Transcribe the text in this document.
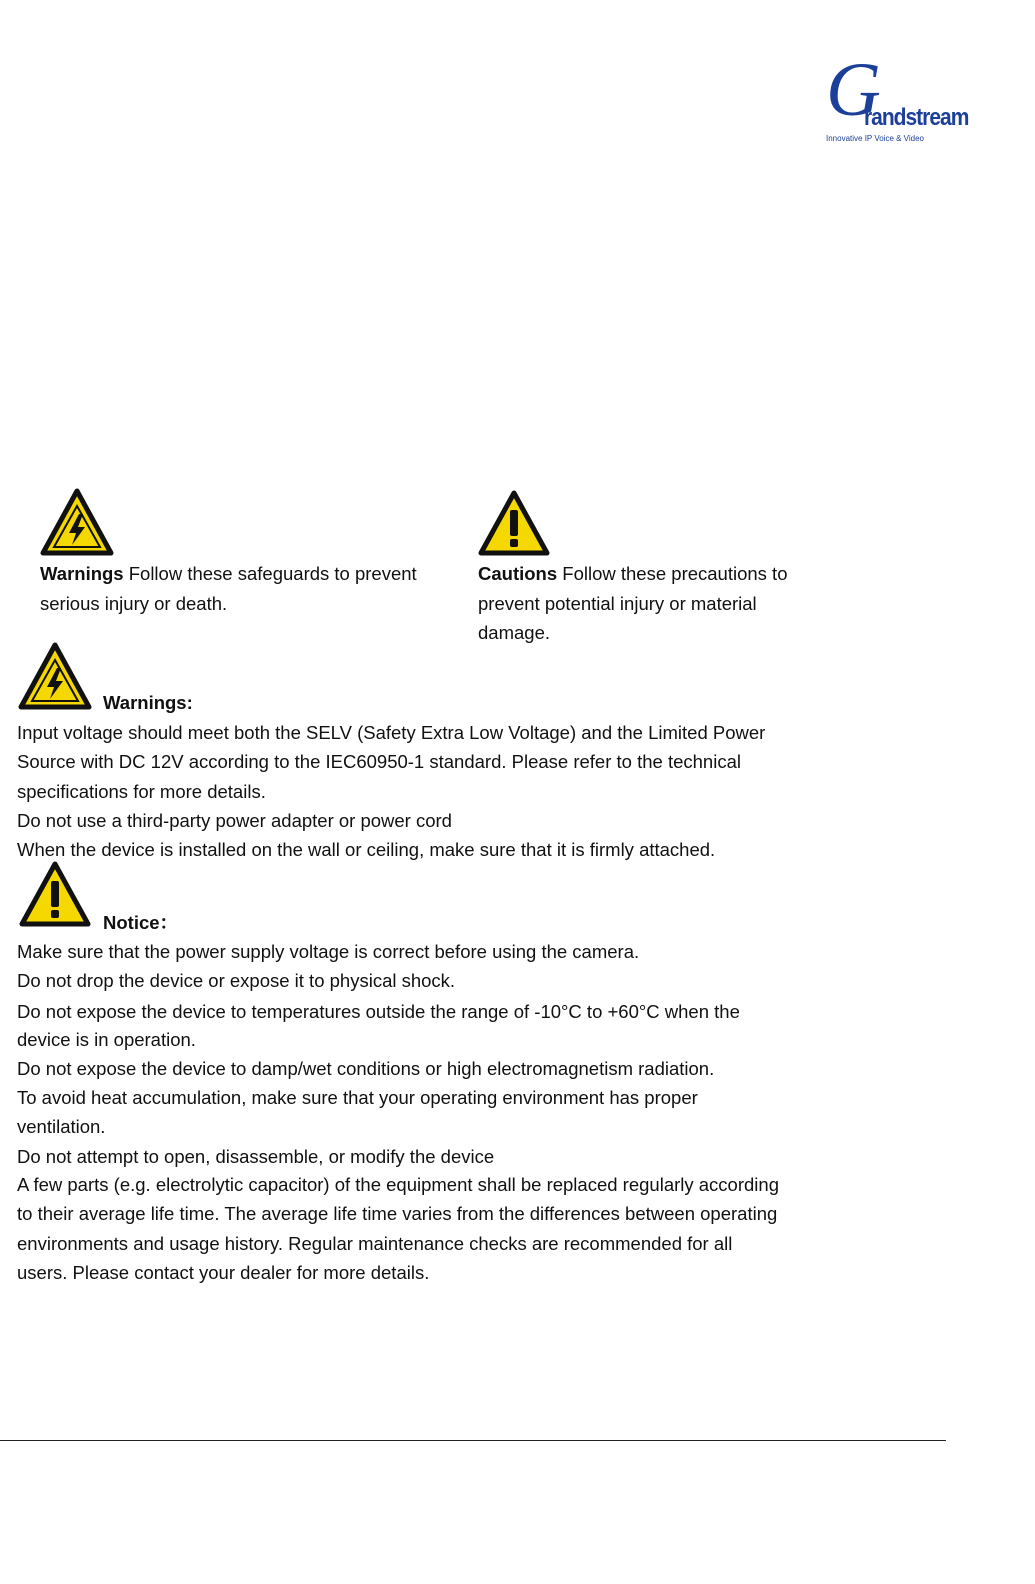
G
randstream
Innovative IP Voice & Video
Warnings Follow these safeguards to prevent serious injury or death.
Cautions Follow these precautions to prevent potential injury or material damage.
Warnings:
Input voltage should meet both the SELV (Safety Extra Low Voltage) and the Limited Power
Source with DC 12V according to the IEC60950-1 standard. Please refer to the technical
specifications for more details.
Do not use a third-party power adapter or power cord
When the device is installed on the wall or ceiling, make sure that it is firmly attached.
Notice：
Make sure that the power supply voltage is correct before using the camera.
Do not drop the device or expose it to physical shock.
Do not expose the device to temperatures outside the range of -10°C to +60°C when the
device is in operation.
Do not expose the device to damp/wet conditions or high electromagnetism radiation.
To avoid heat accumulation, make sure that your operating environment has proper
ventilation.
Do not attempt to open, disassemble, or modify the device
A few parts (e.g. electrolytic capacitor) of the equipment shall be replaced regularly according
to their average life time. The average life time varies from the differences between operating
environments and usage history. Regular maintenance checks are recommended for all
users. Please contact your dealer for more details.
